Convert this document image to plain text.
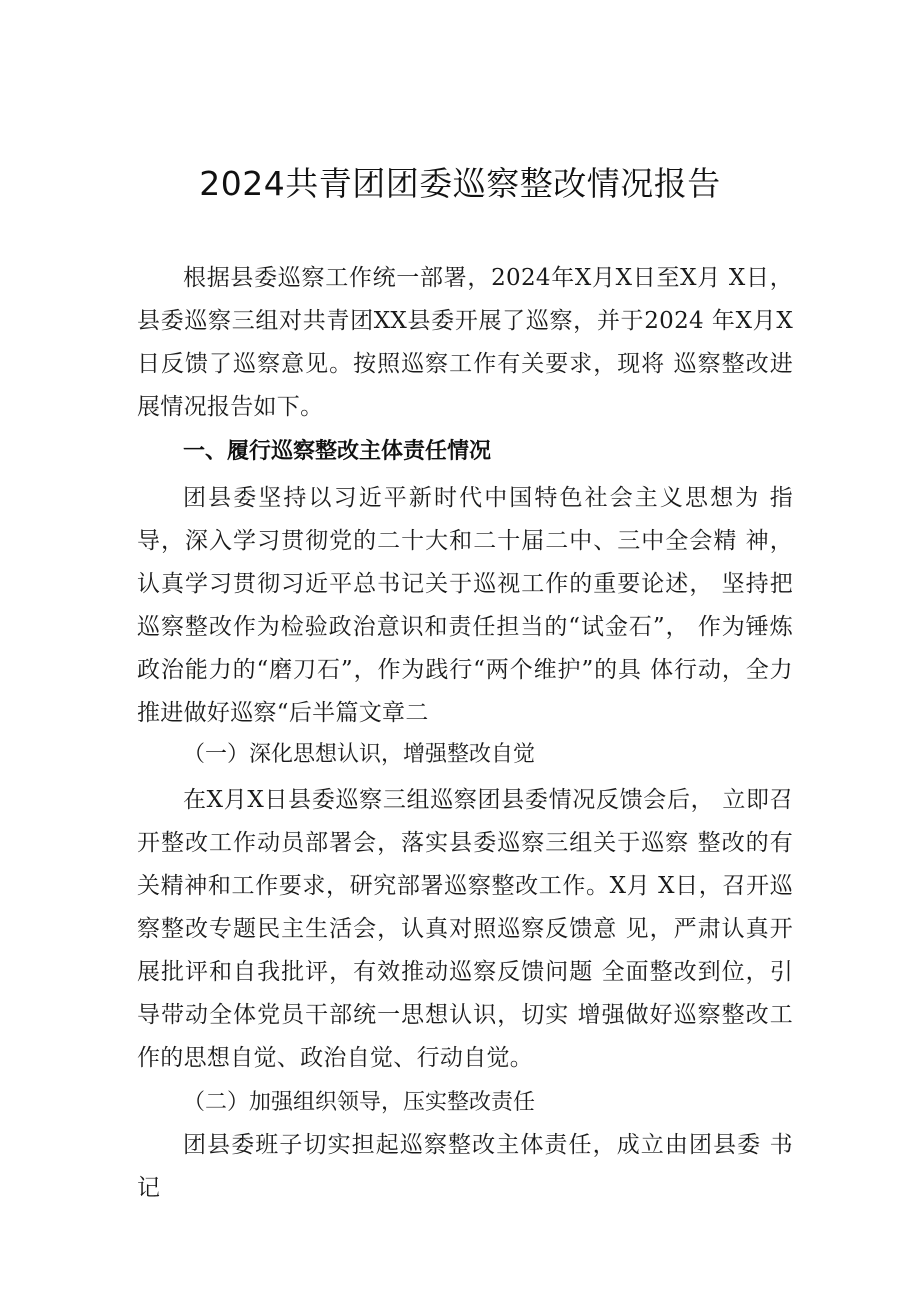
2024共青团团委巡察整改情况报告

根据县委巡察工作统一部署，2024年X月X日至X月 X日，县委巡察三组对共青团XX县委开展了巡察，并于2024 年X月X日反馈了巡察意见。按照巡察工作有关要求，现将 巡察整改进展情况报告如下。

一、履行巡察整改主体责任情况

团县委坚持以习近平新时代中国特色社会主义思想为 指导，深入学习贯彻党的二十大和二十届二中、三中全会精 神，认真学习贯彻习近平总书记关于巡视工作的重要论述， 坚持把巡察整改作为检验政治意识和责任担当的“试金石”， 作为锤炼政治能力的“磨刀石”，作为践行“两个维护”的具 体行动，全力推进做好巡察“后半篇文章二

（一）深化思想认识，增强整改自觉

在X月X日县委巡察三组巡察团县委情况反馈会后， 立即召开整改工作动员部署会，落实县委巡察三组关于巡察 整改的有关精神和工作要求，研究部署巡察整改工作。X月 X日，召开巡察整改专题民主生活会，认真对照巡察反馈意 见，严肃认真开展批评和自我批评，有效推动巡察反馈问题 全面整改到位，引导带动全体党员干部统一思想认识，切实 增强做好巡察整改工作的思想自觉、政治自觉、行动自觉。

（二）加强组织领导，压实整改责任

团县委班子切实担起巡察整改主体责任，成立由团县委 书记
